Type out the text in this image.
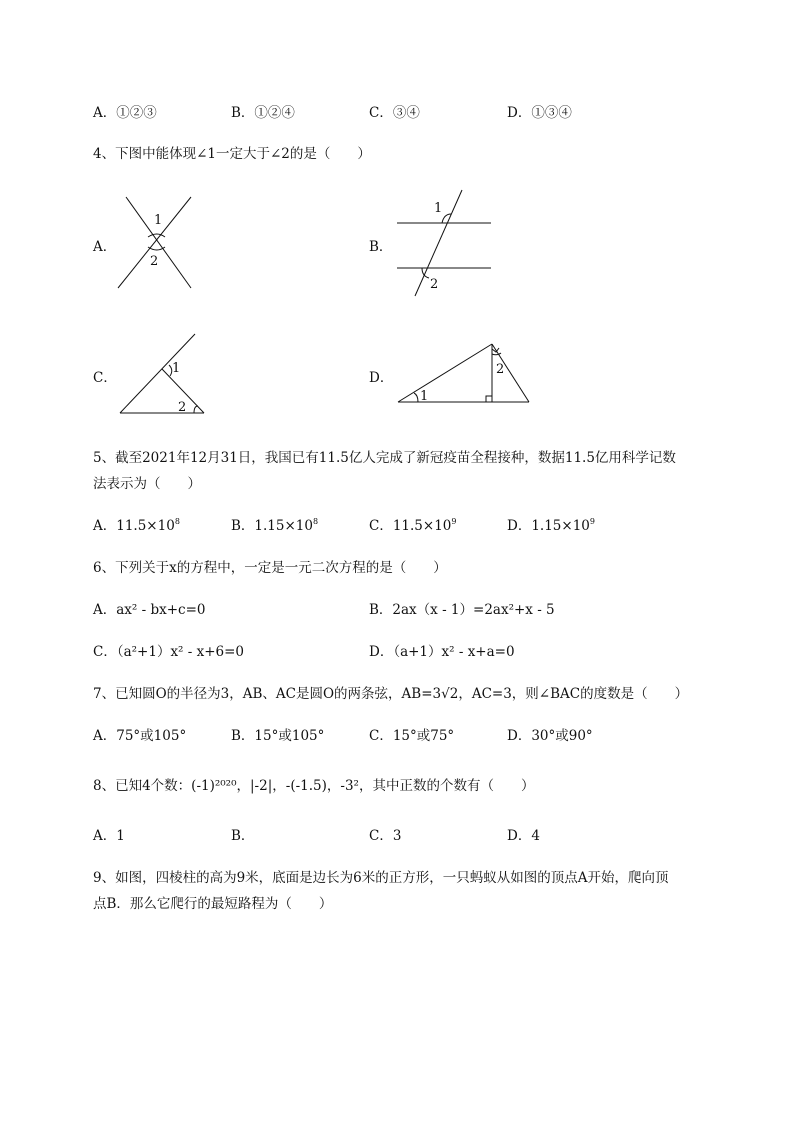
A．①②③	B．①②④	C．③④	D．①③④
4、下图中能体现∠1一定大于∠2的是（　　）
A．
1
2
B．
1
2
C．
1
2
D．
1
2
5、截至2021年12月31日，我国已有11.5亿人完成了新冠疫苗全程接种，数据11.5亿用科学记数
法表示为（　　）
A．$11.5\times 10^8$	B．$1.15\times 10^8$	C．$11.5\times 10^9$	D．$1.15\times 10^9$
6、下列关于x的方程中，一定是一元二次方程的是（　　）
A．ax² - bx+c=0	B．2ax（x - 1）=2ax²+x - 5
C．（a²+1）x² - x+6=0	D．（a+1）x² - x+a=0
7、已知圆O的半径为3，AB、AC是圆O的两条弦，AB=3√2，AC=3，则∠BAC的度数是（　　）
A．75°或105°	B．15°或105°	C．15°或75°	D．30°或90°
8、已知4个数：(-1)²⁰²⁰，|-2|，-(-1.5)，-3²，其中正数的个数有（　　）
A．1	B．	C．3	D．4
9、如图，四棱柱的高为9米，底面是边长为6米的正方形，一只蚂蚁从如图的顶点A开始，爬向顶
点B．那么它爬行的最短路程为（　　）
